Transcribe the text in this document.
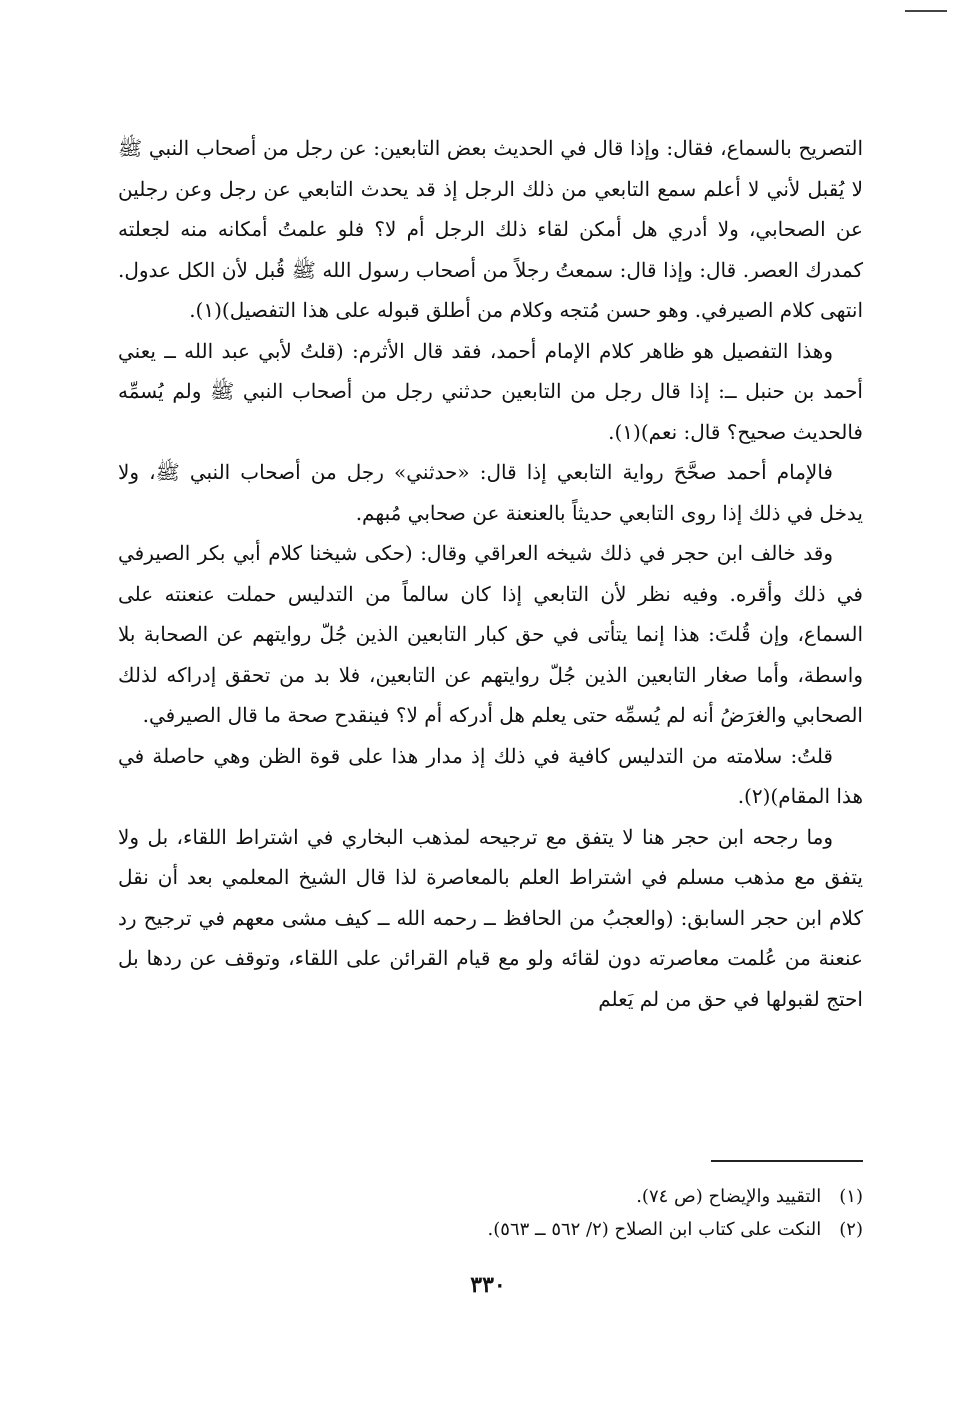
التصريح بالسماع، فقال: وإذا قال في الحديث بعض التابعين: عن رجل من أصحاب النبي ﷺ لا يُقبل لأني لا أعلم سمع التابعي من ذلك الرجل إذ قد يحدث التابعي عن رجل وعن رجلين عن الصحابي، ولا أدري هل أمكن لقاء ذلك الرجل أم لا؟ فلو علمتُ أمكانه منه لجعلته كمدرك العصر. قال: وإذا قال: سمعتُ رجلاً من أصحاب رسول الله ﷺ قُبل لأن الكل عدول. انتهى كلام الصيرفي. وهو حسن مُتجه وكلام من أطلق قبوله على هذا التفصيل)(١).

وهذا التفصيل هو ظاهر كلام الإمام أحمد، فقد قال الأثرم: (قلتُ لأبي عبد الله ــ يعني أحمد بن حنبل ــ: إذا قال رجل من التابعين حدثني رجل من أصحاب النبي ﷺ ولم يُسمِّه فالحديث صحيح؟ قال: نعم)(١).

فالإمام أحمد صحَّحَ رواية التابعي إذا قال: «حدثني» رجل من أصحاب النبي ﷺ، ولا يدخل في ذلك إذا روى التابعي حديثاً بالعنعنة عن صحابي مُبهم.

وقد خالف ابن حجر في ذلك شيخه العراقي وقال: (حكى شيخنا كلام أبي بكر الصيرفي في ذلك وأقره. وفيه نظر لأن التابعي إذا كان سالماً من التدليس حملت عنعنته على السماع، وإن قُلتَ: هذا إنما يتأتى في حق كبار التابعين الذين جُلّ روايتهم عن الصحابة بلا واسطة، وأما صغار التابعين الذين جُلّ روايتهم عن التابعين، فلا بد من تحقق إدراكه لذلك الصحابي والغرَضُ أنه لم يُسمِّه حتى يعلم هل أدركه أم لا؟ فينقدح صحة ما قال الصيرفي.

قلتُ: سلامته من التدليس كافية في ذلك إذ مدار هذا على قوة الظن وهي حاصلة في هذا المقام)(٢).

وما رجحه ابن حجر هنا لا يتفق مع ترجيحه لمذهب البخاري في اشتراط اللقاء، بل ولا يتفق مع مذهب مسلم في اشتراط العلم بالمعاصرة لذا قال الشيخ المعلمي بعد أن نقل كلام ابن حجر السابق: (والعجبُ من الحافظ ــ رحمه الله ــ كيف مشى معهم في ترجيح رد عنعنة من عُلمت معاصرته دون لقائه ولو مع قيام القرائن على اللقاء، وتوقف عن ردها بل احتج لقبولها في حق من لم يَعلم

(١)التقييد والإيضاح (ص ٧٤).

(٢)النكت على كتاب ابن الصلاح (٢/ ٥٦٢ ــ ٥٦٣).

٣٣٠
